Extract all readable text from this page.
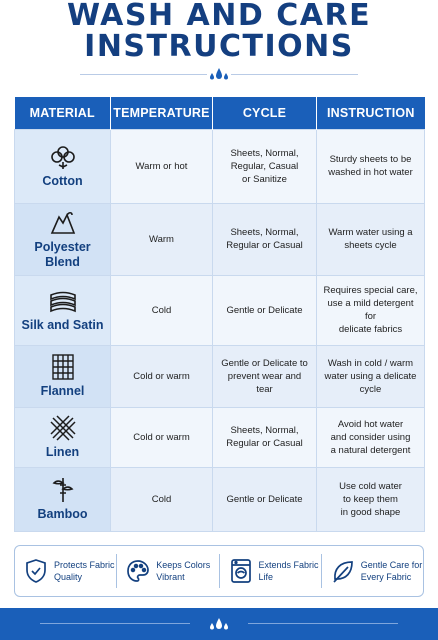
WASH AND CARE
INSTRUCTIONS
MATERIAL	TEMPERATURE	CYCLE	INSTRUCTION

Cotton	Warm or hot	Sheets, Normal,
Regular, Casual
or Sanitize	Sturdy sheets to be
washed in hot water

Polyester
Blend	Warm	Sheets, Normal,
Regular or Casual	Warm water using a
sheets cycle

Silk and Satin	Cold	Gentle or Delicate	Requires special care,
use a mild detergent for
delicate fabrics

Flannel	Cold or warm	Gentle or Delicate to
prevent wear and tear	Wash in cold / warm
water using a delicate
cycle

Linen	Cold or warm	Sheets, Normal,
Regular or Casual	Avoid hot water
and consider using
a natural detergent

Bamboo	Cold	Gentle or Delicate	Use cold water
to keep them
in good shape
Protects Fabric
Quality
Keeps Colors
Vibrant
Extends Fabric
Life
Gentle Care for
Every Fabric
